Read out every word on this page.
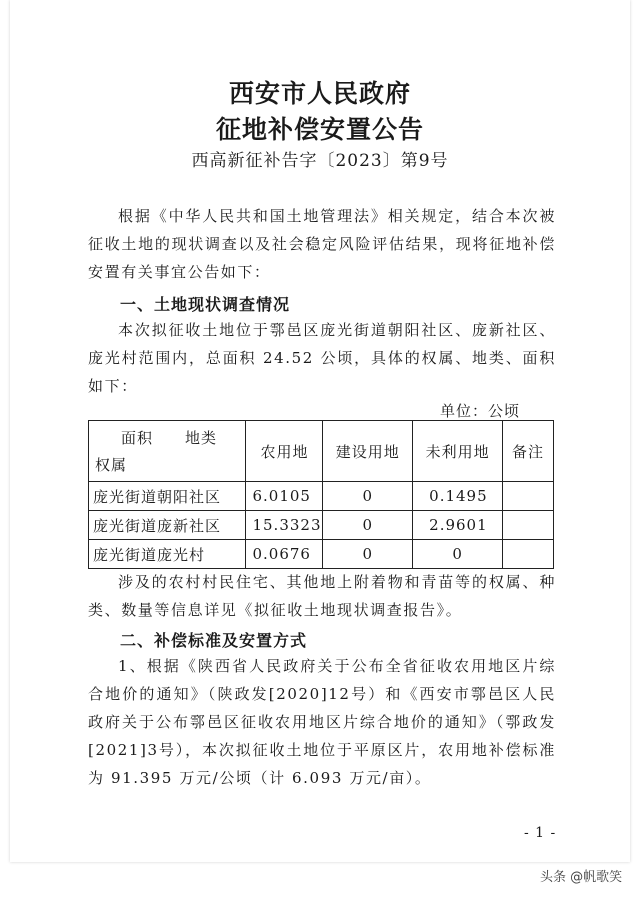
西安市人民政府
征地补偿安置公告
西高新征补告字〔2023〕第9号

根据《中华人民共和国土地管理法》相关规定，结合本次被征收土地的现状调查以及社会稳定风险评估结果，现将征地补偿安置有关事宜公告如下：

一、土地现状调查情况

本次拟征收土地位于鄠邑区庞光街道朝阳社区、庞新社区、庞光村范围内，总面积 24.52 公顷，具体的权属、地类、面积如下：

单位：公顷
面积　　地类
权属	农用地	建设用地	未利用地	备注
庞光街道朝阳社区	6.0105	0	0.1495	
庞光街道庞新社区	15.3323	0	2.9601	
庞光街道庞光村	0.0676	0	0	

涉及的农村村民住宅、其他地上附着物和青苗等的权属、种类、数量等信息详见《拟征收土地现状调查报告》。

二、补偿标准及安置方式

1、根据《陕西省人民政府关于公布全省征收农用地区片综合地价的通知》（陕政发[2020]12号）和《西安市鄠邑区人民政府关于公布鄠邑区征收农用地区片综合地价的通知》（鄠政发[2021]3号），本次拟征收土地位于平原区片，农用地补偿标准为 91.395 万元/公顷（计 6.093 万元/亩）。

- 1 -
头条 @帆歌笑
